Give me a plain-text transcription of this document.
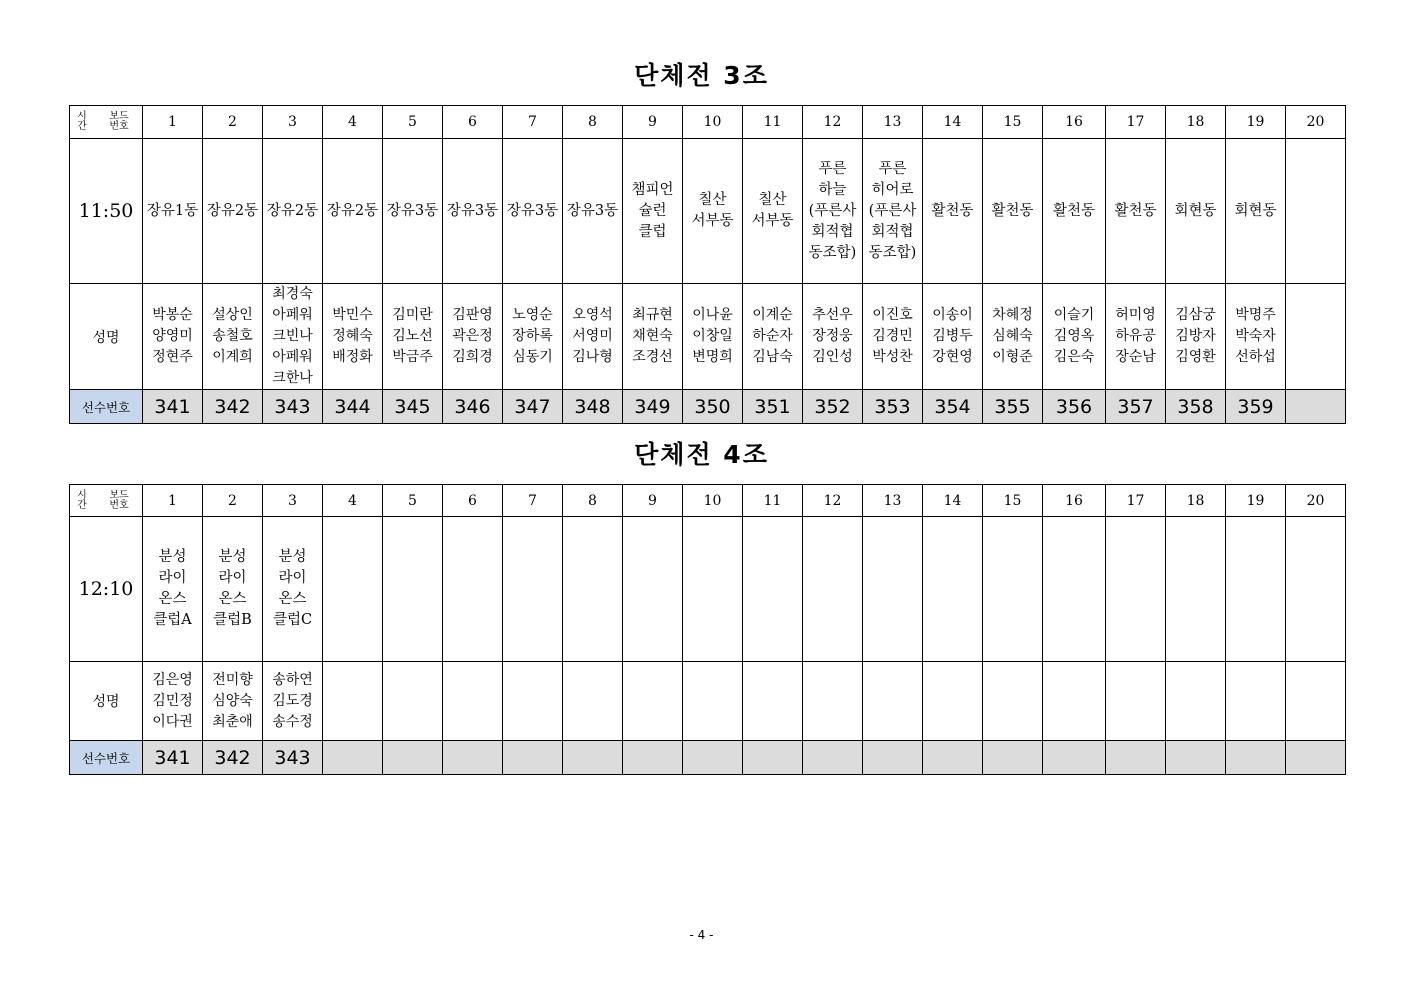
단체전 3조
시
간
보드
번호	1	2	3	4	5	6	7	8	9	10	11	12	13	14	15	16	17	18	19	20
11:50	장유1동	장유2동	장유2동	장유2동	장유3동	장유3동	장유3동	장유3동	챔피언
슐런
클럽	칠산
서부동	칠산
서부동	푸른
하늘
(푸른사
회적협
동조합)	푸른
히어로
(푸른사
회적협
동조합)	활천동	활천동	활천동	활천동	회현동	회현동	
성명	박봉순
양영미
정현주	설상인
송철호
이계희	최경숙
아페워
크빈나
아페워
크한나	박민수
정혜숙
배정화	김미란
김노선
박금주	김판영
곽은정
김희경	노영순
장하록
심동기	오영석
서영미
김나형	최규현
채현숙
조경선	이나윤
이창일
변명희	이계순
하순자
김남숙	추선우
장정웅
김인성	이진호
김경민
박성찬	이송이
김병두
강현영	차혜정
심혜숙
이형준	이슬기
김영옥
김은숙	허미영
하유공
장순남	김삼궁
김방자
김영환	박명주
박숙자
선하섭	
선수번호	341	342	343	344	345	346	347	348	349	350	351	352	353	354	355	356	357	358	359	
단체전 4조
시
간
보드
번호	1	2	3	4	5	6	7	8	9	10	11	12	13	14	15	16	17	18	19	20
12:10	분성
라이
온스
클럽A	분성
라이
온스
클럽B	분성
라이
온스
클럽C																	
성명	김은영
김민정
이다권	전미향
심양숙
최춘애	송하연
김도경
송수정																	
선수번호	341	342	343																	
- 4 -
